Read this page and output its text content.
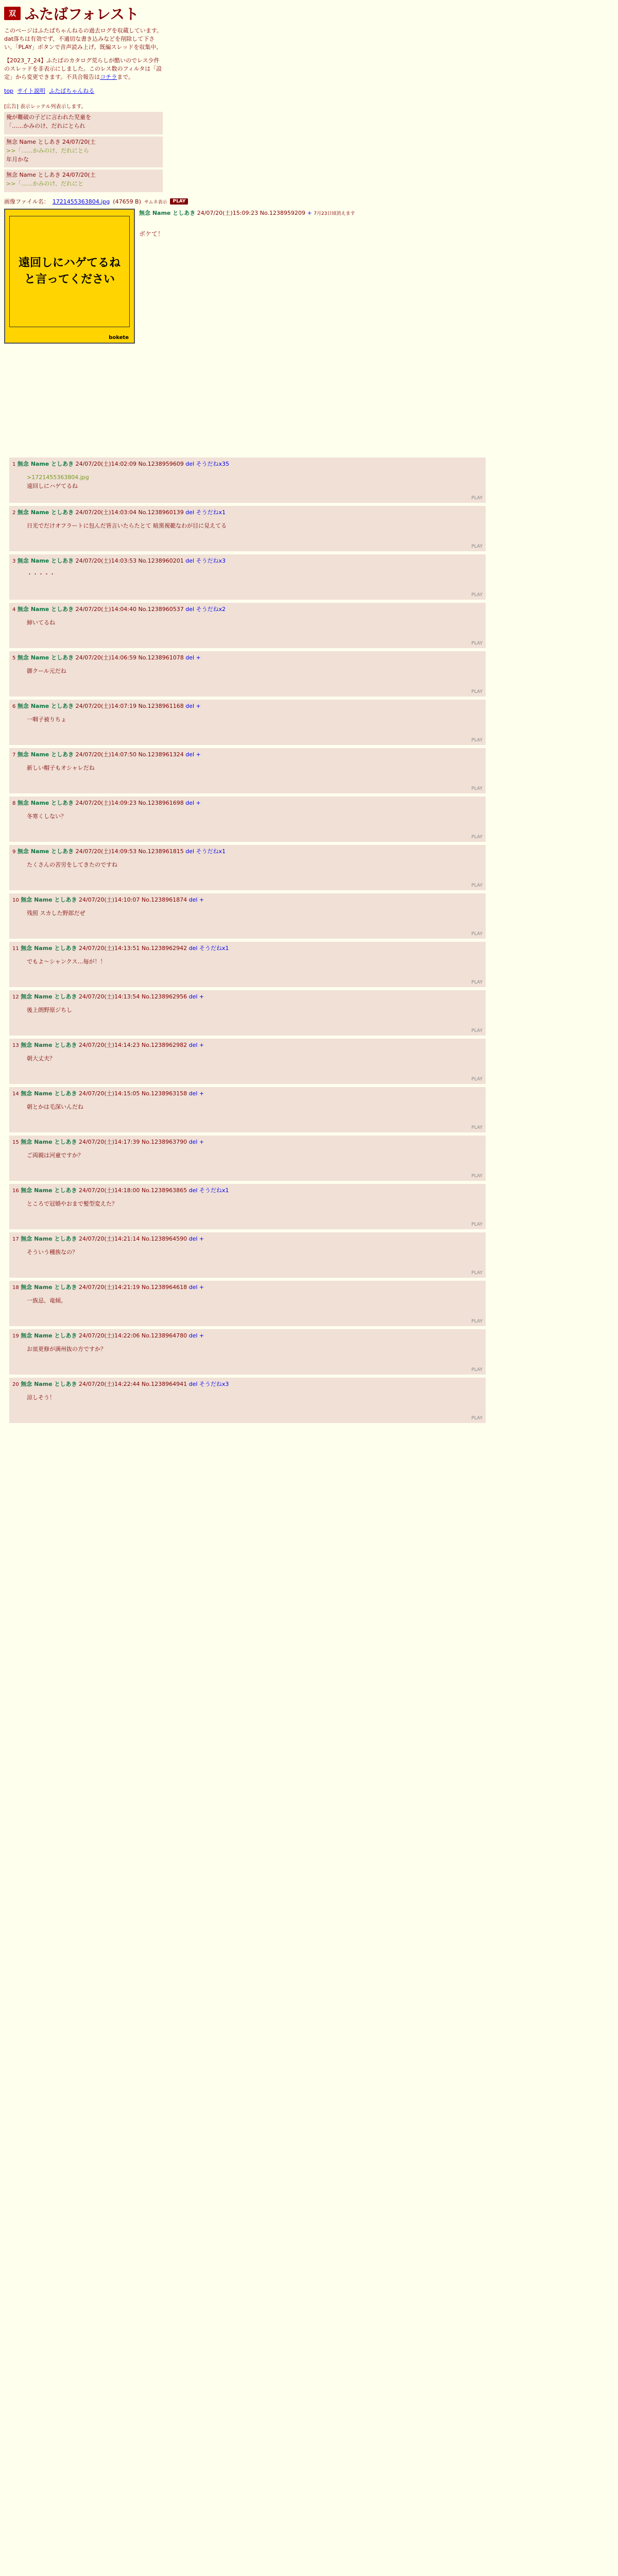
双 ふたばフォレスト

このページはふたばちゃんねるの過去ログを収蔵しています。dat落ちは有効でず、不適切な書き込みなどを削除して下さい。「PLAY」ボタンで音声読み上げ。既編スレッドを収集中。

【2023_7_24】ふたばのカタログ荒らしが酷いのでレス少件のスレッドを非表示にしました。このレス数のフィルタは「設定」から変更できます。不具合報告はコチラまで。

top サイト説明 ふたばちゃんねる
[広告] 表示レッテル列表示します。
俺が難破の子どに言われた児童を
「……かみのけ、だれにとられ
無念 Name としあき 24/07/20(土
>>「……かみのけ、だれにとら
年月かな
無念 Name としあき 24/07/20(土
>>「……かみのけ、だれにと
画像ファイル名： 1721455363804.jpg (47659 B) サムネ表示	PLAY
遠回しにハゲてるね
と言ってください
bokete
無念 Name としあき 24/07/20(土)15:09:23 No.1238959209 + 7月23日頃消えます
ボケて！
1 無念 Name としあき 24/07/20(土)14:02:09 No.1238959609 del そうだねx35
>1721455363804.jpg
遠回しにハゲてるね
PLAY
2 無念 Name としあき 24/07/20(土)14:03:04 No.1238960139 del そうだねx1
日光でだけオフラートに包んだ皆言いたらたとて 暗黒視範なわが目に見えてる
PLAY
3 無念 Name としあき 24/07/20(土)14:03:53 No.1238960201 del そうだねx3
・・・・・
PLAY
4 無念 Name としあき 24/07/20(土)14:04:40 No.1238960537 del そうだねx2
締いてるね
PLAY
5 無念 Name としあき 24/07/20(土)14:06:59 No.1238961078 del +
御クール元だね
PLAY
6 無念 Name としあき 24/07/20(土)14:07:19 No.1238961168 del +
一咽子被りちょ
PLAY
7 無念 Name としあき 24/07/20(土)14:07:50 No.1238961324 del +
新しい帽子もオシャレだね
PLAY
8 無念 Name としあき 24/07/20(土)14:09:23 No.1238961698 del +
冬寒くしない？
PLAY
9 無念 Name としあき 24/07/20(土)14:09:53 No.1238961815 del そうだねx1
たくさんの苦労をしてきたのですね
PLAY
10 無念 Name としあき 24/07/20(土)14:10:07 No.1238961874 del +
残照 スカした野郎だぜ
PLAY
11 無念 Name としあき 24/07/20(土)14:13:51 No.1238962942 del そうだねx1
でもよ～シャンクス…毎が！！
PLAY
12 無念 Name としあき 24/07/20(土)14:13:54 No.1238962956 del +
後上朗野原ジちし
PLAY
13 無念 Name としあき 24/07/20(土)14:14:23 No.1238962982 del +
朝大丈夫？
PLAY
14 無念 Name としあき 24/07/20(土)14:15:05 No.1238963158 del +
朝とかは毛深いんだね
PLAY
15 無念 Name としあき 24/07/20(土)14:17:39 No.1238963790 del +
ご両親は河童ですか？
PLAY
16 無念 Name としあき 24/07/20(土)14:18:00 No.1238963865 del そうだねx1
ところで冠婚やおまで髪型変えた？
PLAY
17 無念 Name としあき 24/07/20(土)14:21:14 No.1238964590 del +
そういう種族なの？
PLAY
18 無念 Name としあき 24/07/20(土)14:21:19 No.1238964618 del +
一族忌、竜傾。
PLAY
19 無念 Name としあき 24/07/20(土)14:22:06 No.1238964780 del +
お皿更修が満州抜の方ですか？
PLAY
20 無念 Name としあき 24/07/20(土)14:22:44 No.1238964941 del そうだねx3
涼しそう！
PLAY
